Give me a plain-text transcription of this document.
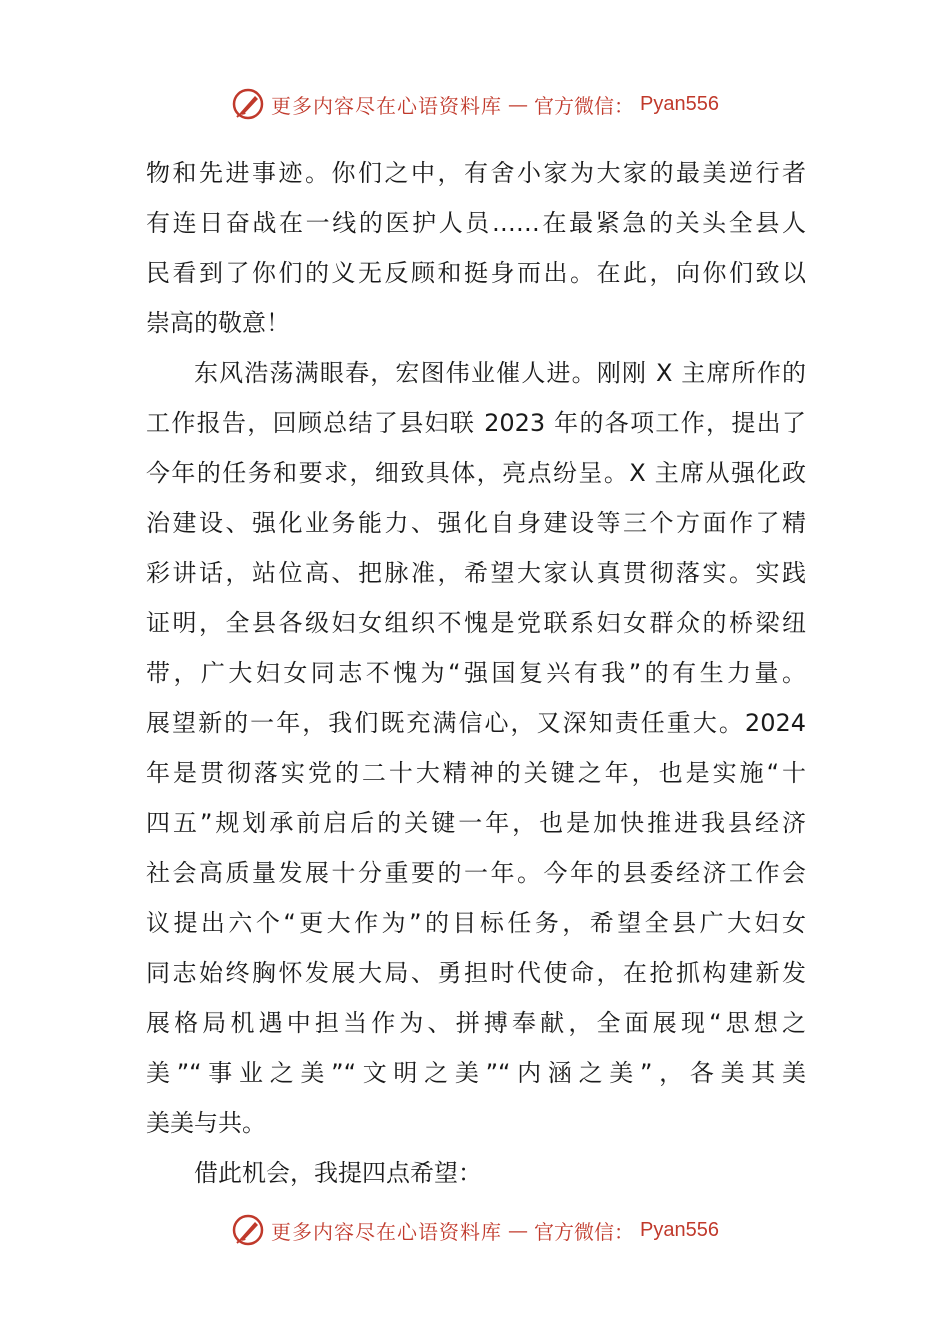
更多内容尽在心语资料库 — 官方微信： Pyan556
物和先进事迹。你们之中，有舍小家为大家的最美逆行者
有连日奋战在一线的医护人员……在最紧急的关头全县人
民看到了你们的义无反顾和挺身而出。在此，向你们致以
崇高的敬意！
东风浩荡满眼春，宏图伟业催人进。刚刚 X 主席所作的
工作报告，回顾总结了县妇联 2023 年的各项工作，提出了
今年的任务和要求，细致具体，亮点纷呈。X 主席从强化政
治建设、强化业务能力、强化自身建设等三个方面作了精
彩讲话，站位高、把脉准，希望大家认真贯彻落实。实践
证明，全县各级妇女组织不愧是党联系妇女群众的桥梁纽
带，广大妇女同志不愧为“强国复兴有我”的有生力量。
展望新的一年，我们既充满信心，又深知责任重大。2024
年是贯彻落实党的二十大精神的关键之年，也是实施“十
四五”规划承前启后的关键一年，也是加快推进我县经济
社会高质量发展十分重要的一年。今年的县委经济工作会
议提出六个“更大作为”的目标任务，希望全县广大妇女
同志始终胸怀发展大局、勇担时代使命，在抢抓构建新发
展格局机遇中担当作为、拼搏奉献，全面展现“思想之
美”“事业之美”“文明之美”“内涵之美”，各美其美
美美与共。
借此机会，我提四点希望：
更多内容尽在心语资料库 — 官方微信： Pyan556
